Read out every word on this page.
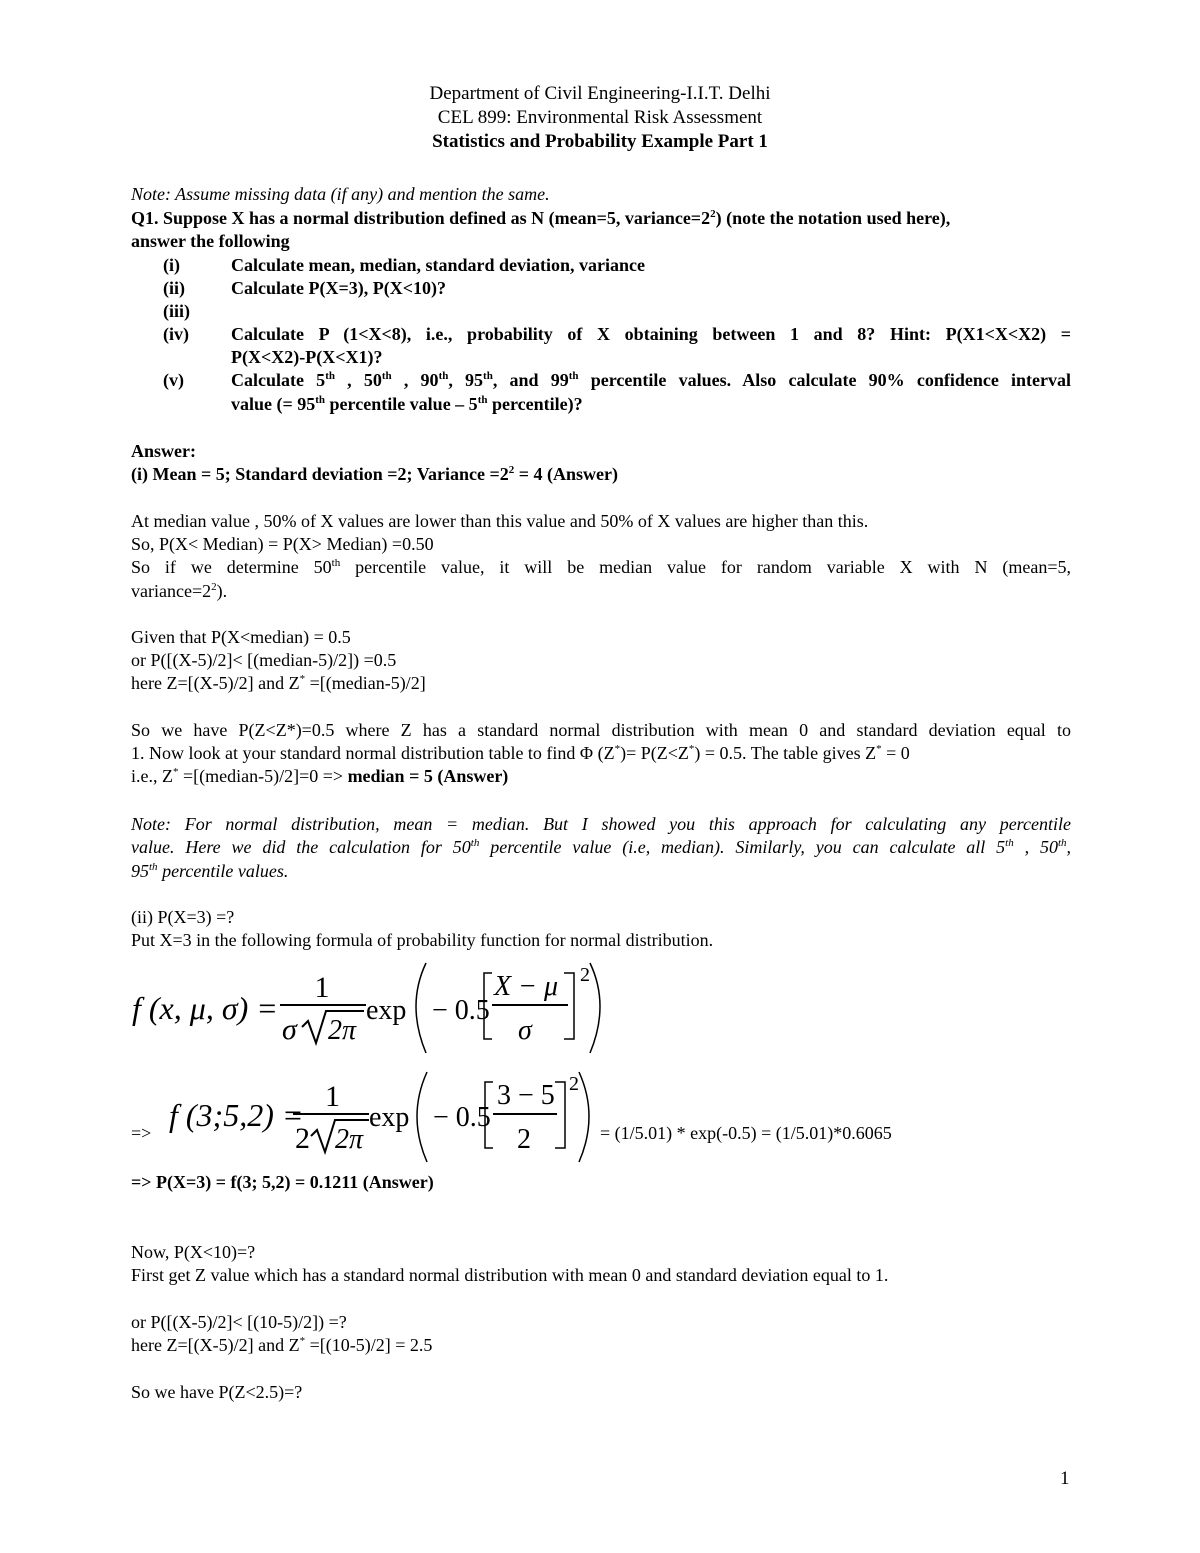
Department of Civil Engineering-I.I.T. Delhi
CEL 899: Environmental Risk Assessment
Statistics and Probability Example Part 1
Note: Assume missing data (if any) and mention the same.
Q1. Suppose X has a normal distribution defined as N (mean=5, $variance=2^2$) (note the notation used here),
answer the following
(i)	Calculate mean, median, standard deviation, variance
(ii)	Calculate P(X=3), P(X<10)?
(iii)
(iv) Calculate P (1<X<8), i.e., probability of X obtaining between 1 and 8? Hint: P(X1<X<X2) =
P(X<X2)-P(X<X1)?
(v)	Calculate 5th , 50th , 90th, 95th, and 99th percentile values. Also calculate 90% confidence interval
value (= 95th percentile value – 5th percentile)?
Answer:
(i) Mean = 5; Standard deviation =2; Variance $=2^2 = 4$ (Answer)
At median value , 50% of X values are lower than this value and 50% of X values are higher than this.
So, P(X< Median) = P(X> Median) =0.50
So if we determine 50th percentile value, it will be median value for random variable X with N (mean=5,
$variance=2^2$).
Given that P(X<median) = 0.5
or P([(X-5)/2]< [(median-5)/2]) =0.5
here Z=[(X-5)/2] and Z* =[(median-5)/2]
So we have P(Z<Z*)=0.5 where Z has a standard normal distribution with mean 0 and standard deviation equal to
1. Now look at your standard normal distribution table to find Φ (Z*)= P(Z<Z*) = 0.5. The table gives Z* = 0
i.e., Z* =[(median-5)/2]=0 => median = 5 (Answer)
Note: For normal distribution, mean = median. But I showed you this approach for calculating any percentile
value. Here we did the calculation for 50th percentile value (i.e, median). Similarly, you can calculate all 5th , 50th,
95th percentile values.
(ii) P(X=3) =?
Put X=3 in the following formula of probability function for normal distribution.
f (x, μ, σ) =
1
σ 2π
exp − 0.5
X − μ
σ
2
=> f (3;5,2) =
1
2 2π
exp − 0.5
3 − 5
2
2
= (1/5.01) * exp(-0.5) = (1/5.01)*0.6065
=> P(X=3) = f(3; 5,2) = 0.1211 (Answer)
Now, P(X<10)=?
First get Z value which has a standard normal distribution with mean 0 and standard deviation equal to 1.
or P([(X-5)/2]< [(10-5)/2]) =?
here Z=[(X-5)/2] and Z* =[(10-5)/2] = 2.5
So we have P(Z<2.5)=?
1
